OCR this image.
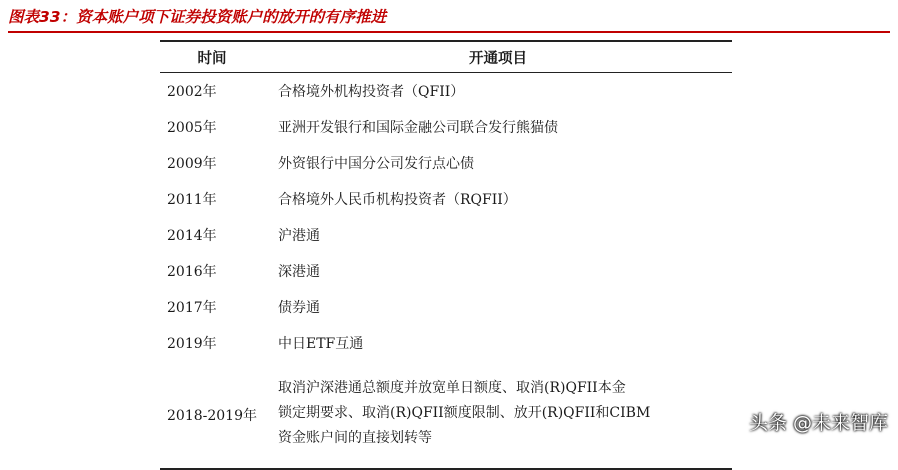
图表33：资本账户项下证券投资账户的放开的有序推进
时间	开通项目
2002年	合格境外机构投资者（QFII）
2005年	亚洲开发银行和国际金融公司联合发行熊猫债
2009年	外资银行中国分公司发行点心债
2011年	合格境外人民币机构投资者（RQFII）
2014年	沪港通
2016年	深港通
2017年	债券通
2019年	中日ETF互通
2018-2019年	取消沪深港通总额度并放宽单日额度、取消(R)QFII本金
锁定期要求、取消(R)QFII额度限制、放开(R)QFII和CIBM
资金账户间的直接划转等
头条 @未来智库
